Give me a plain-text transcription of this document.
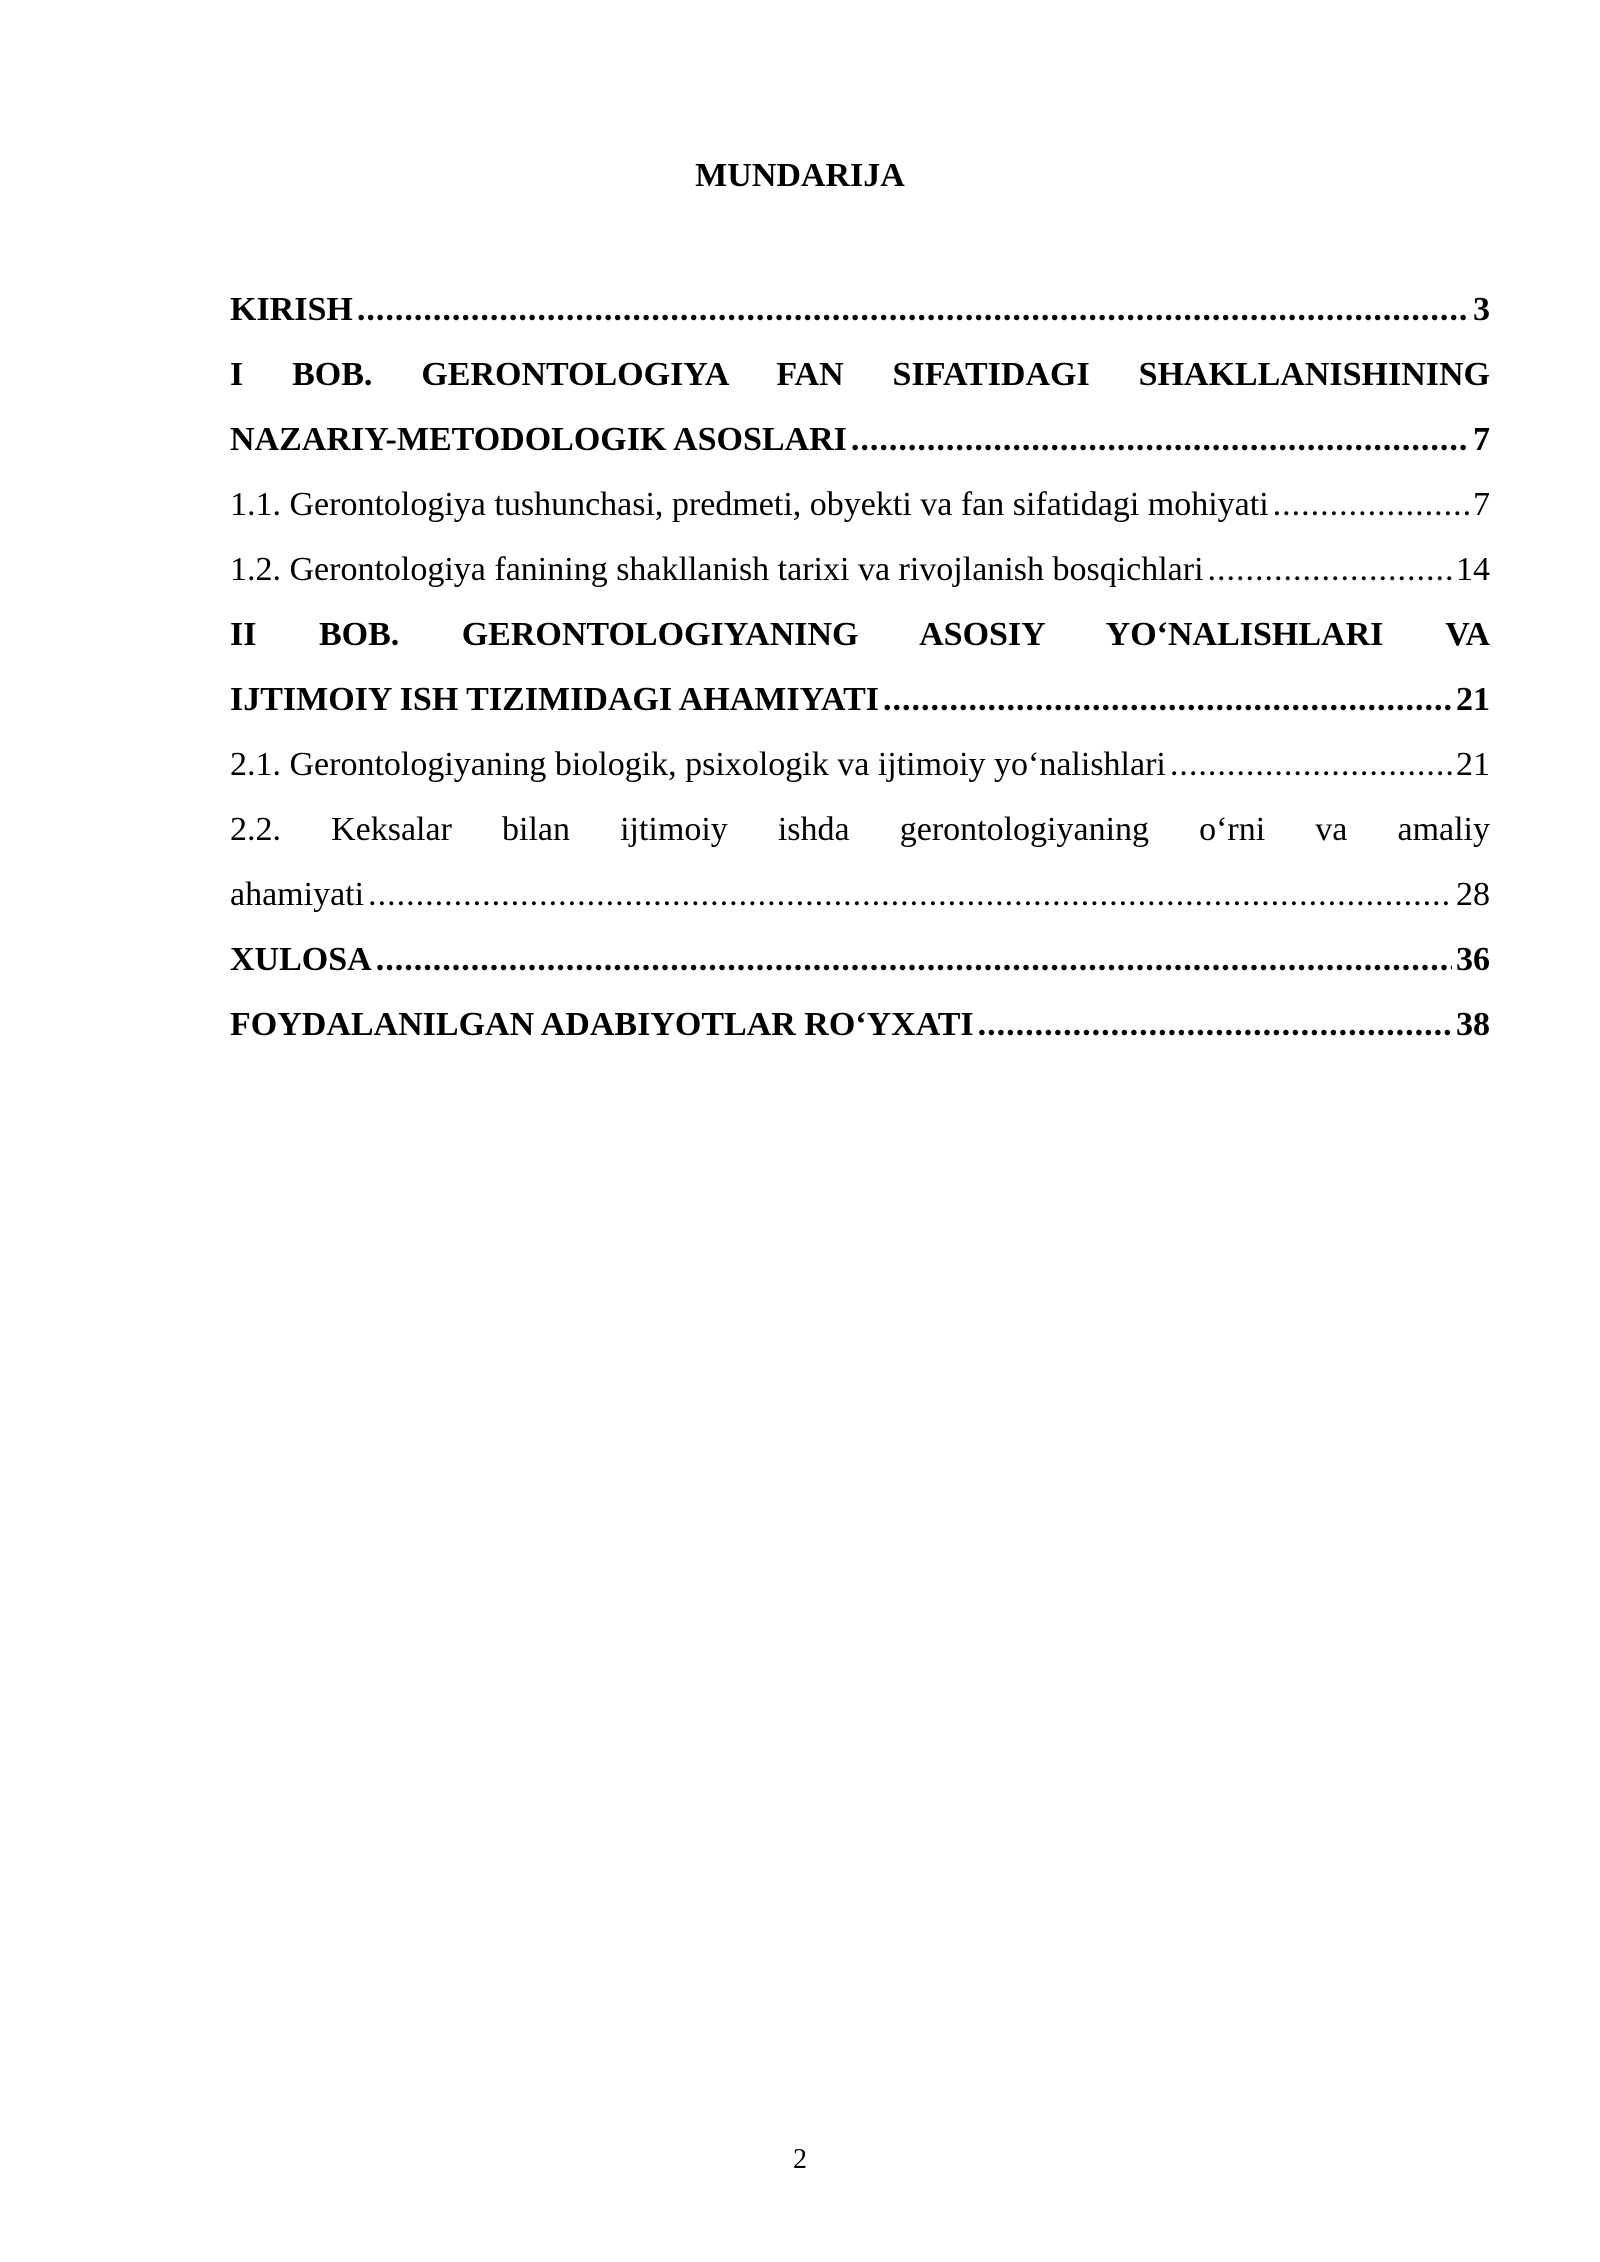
MUNDARIJA
KIRISH .....	3
I BOB. GERONTOLOGIYA FAN SIFATIDAGI SHAKLLANISHINING
NAZARIY-METODOLOGIK ASOSLARI .....	7
1.1. Gerontologiya tushunchasi, predmeti, obyekti va fan sifatidagi mohiyati .....	7
1.2. Gerontologiya fanining shakllanish tarixi va rivojlanish bosqichlari .....	14
II BOB. GERONTOLOGIYANING ASOSIY YO‘NALISHLARI VA
IJTIMOIY ISH TIZIMIDAGI AHAMIYATI .....	21
2.1. Gerontologiyaning biologik, psixologik va ijtimoiy yo‘nalishlari .....	21
2.2. Keksalar bilan ijtimoiy ishda gerontologiyaning o‘rni va amaliy
ahamiyati .....	28
XULOSA .....	36
FOYDALANILGAN ADABIYOTLAR RO‘YXATI .....	38
2
